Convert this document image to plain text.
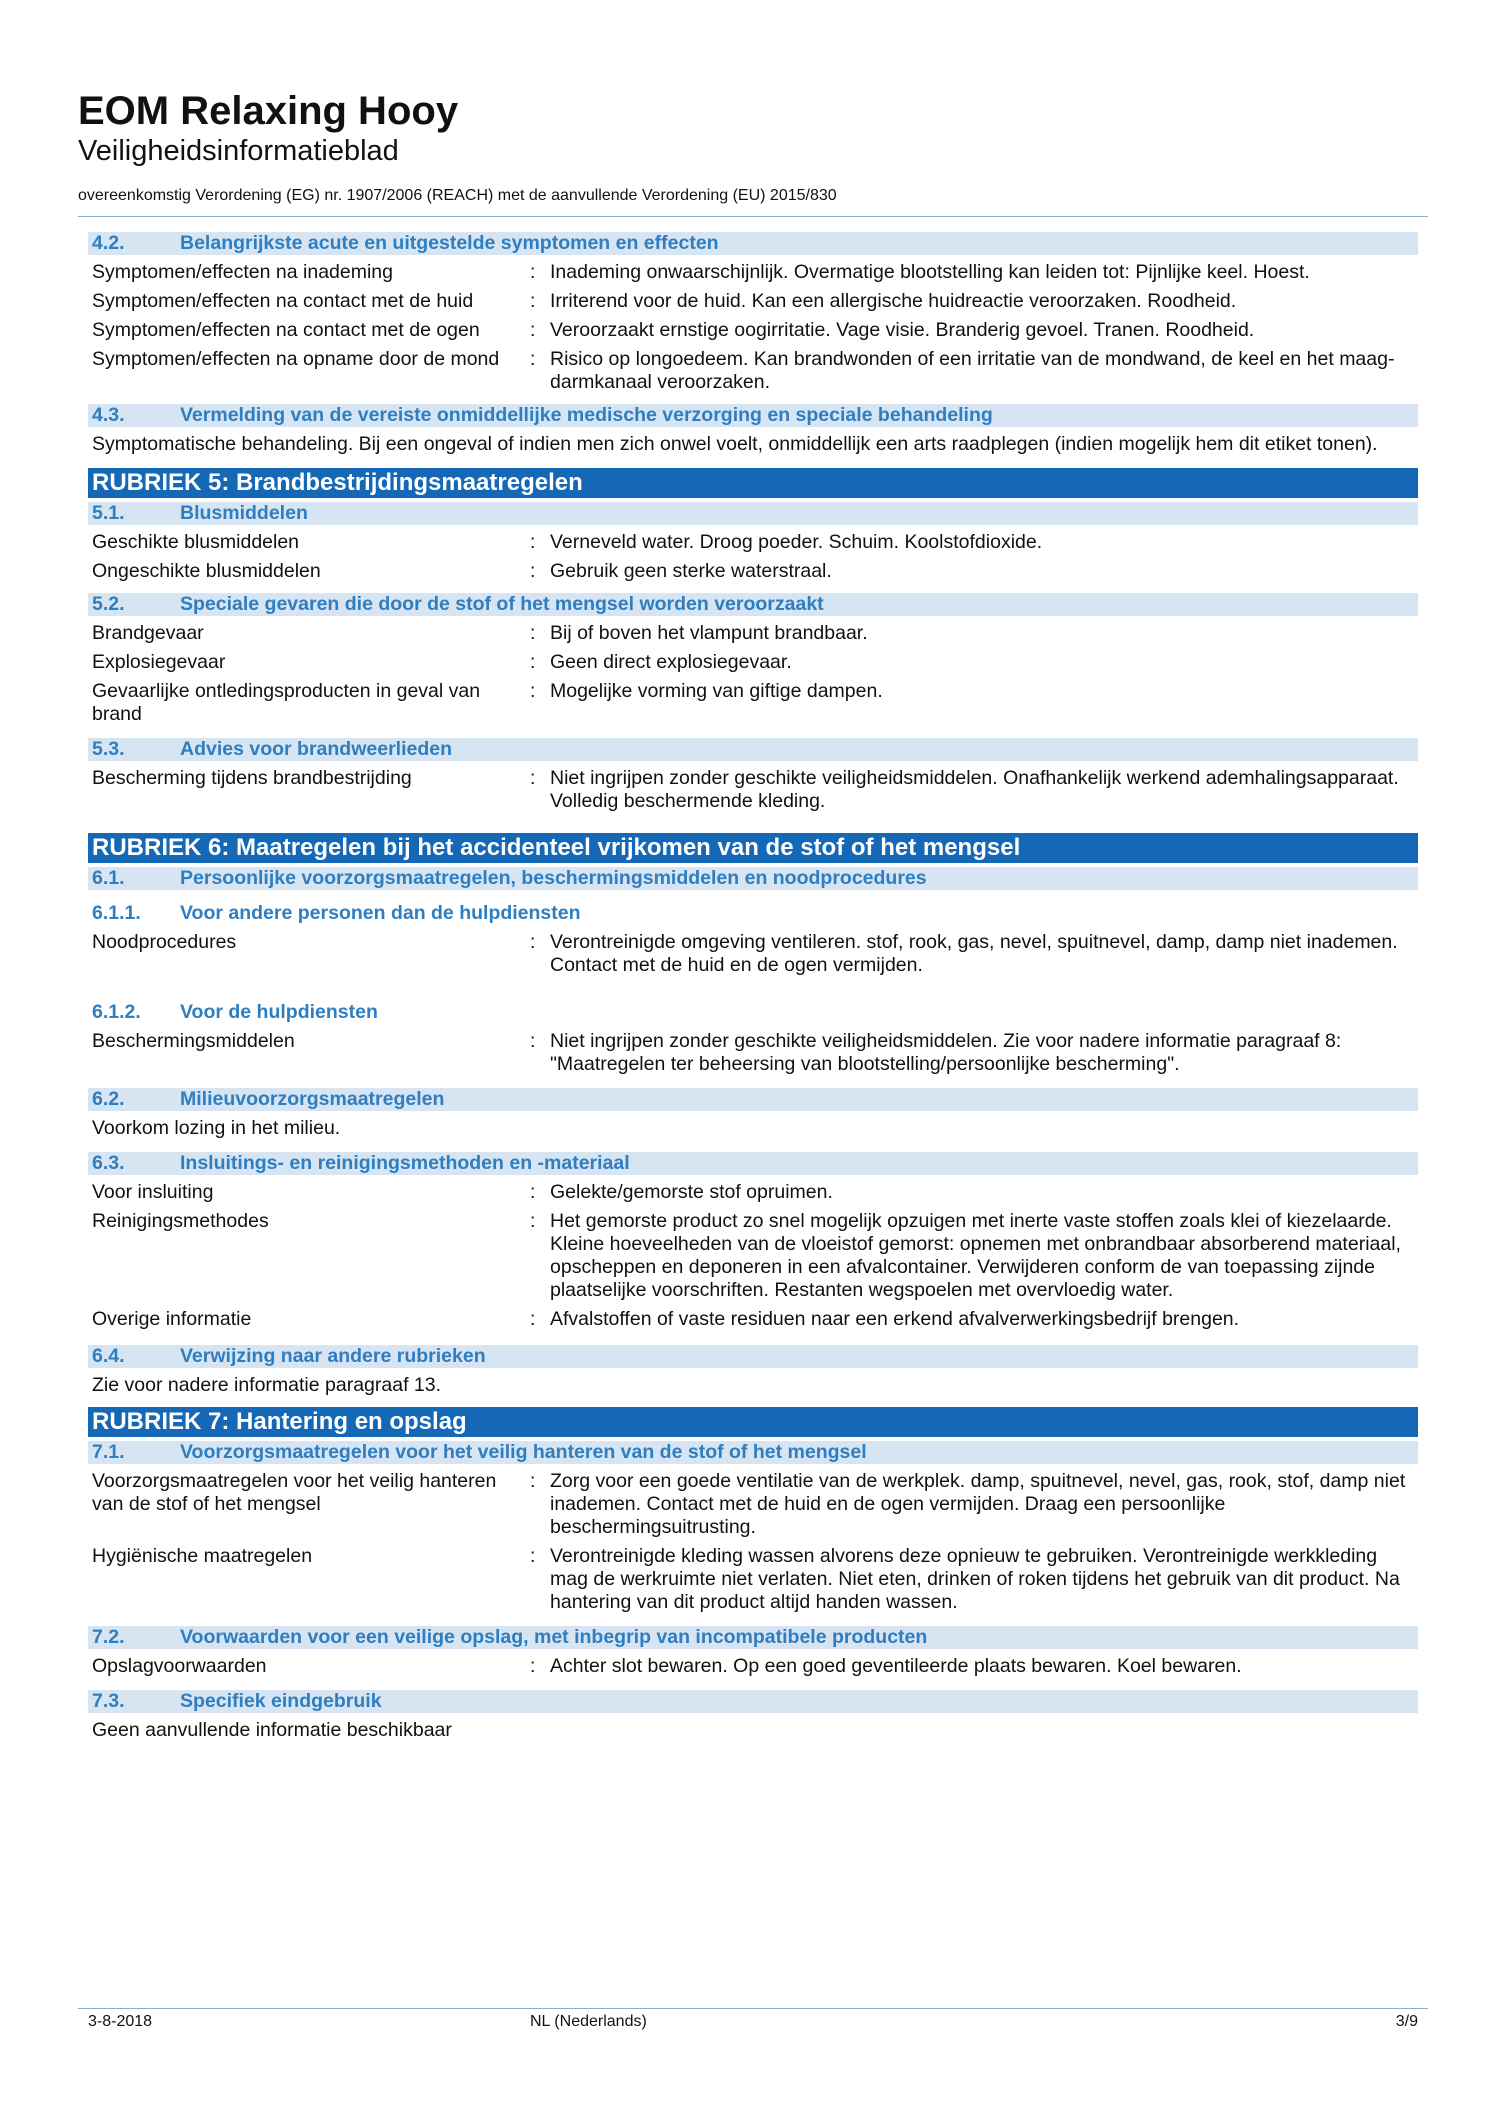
EOM Relaxing Hooy
Veiligheidsinformatieblad
overeenkomstig Verordening (EG) nr. 1907/2006 (REACH) met de aanvullende Verordening (EU) 2015/830
4.2.	Belangrijkste acute en uitgestelde symptomen en effecten
Symptomen/effecten na inademing	: Inademing onwaarschijnlijk. Overmatige blootstelling kan leiden tot: Pijnlijke keel. Hoest.
Symptomen/effecten na contact met de huid	: Irriterend voor de huid. Kan een allergische huidreactie veroorzaken. Roodheid.
Symptomen/effecten na contact met de ogen	: Veroorzaakt ernstige oogirritatie. Vage visie. Branderig gevoel. Tranen. Roodheid.
Symptomen/effecten na opname door de mond	: Risico op longoedeem. Kan brandwonden of een irritatie van de mondwand, de keel en het maag-darmkanaal veroorzaken.
4.3.	Vermelding van de vereiste onmiddellijke medische verzorging en speciale behandeling
Symptomatische behandeling. Bij een ongeval of indien men zich onwel voelt, onmiddellijk een arts raadplegen (indien mogelijk hem dit etiket tonen).
RUBRIEK 5: Brandbestrijdingsmaatregelen
5.1.	Blusmiddelen
Geschikte blusmiddelen	: Verneveld water. Droog poeder. Schuim. Koolstofdioxide.
Ongeschikte blusmiddelen	: Gebruik geen sterke waterstraal.
5.2.	Speciale gevaren die door de stof of het mengsel worden veroorzaakt
Brandgevaar	: Bij of boven het vlampunt brandbaar.
Explosiegevaar	: Geen direct explosiegevaar.
Gevaarlijke ontledingsproducten in geval van brand
: Mogelijke vorming van giftige dampen.
5.3.	Advies voor brandweerlieden
Bescherming tijdens brandbestrijding	: Niet ingrijpen zonder geschikte veiligheidsmiddelen. Onafhankelijk werkend ademhalingsapparaat. Volledig beschermende kleding.
RUBRIEK 6: Maatregelen bij het accidenteel vrijkomen van de stof of het mengsel
6.1.	Persoonlijke voorzorgsmaatregelen, beschermingsmiddelen en noodprocedures
6.1.1.	Voor andere personen dan de hulpdiensten
Noodprocedures	: Verontreinigde omgeving ventileren. stof, rook, gas, nevel, spuitnevel, damp, damp niet inademen. Contact met de huid en de ogen vermijden.
6.1.2.	Voor de hulpdiensten
Beschermingsmiddelen	: Niet ingrijpen zonder geschikte veiligheidsmiddelen. Zie voor nadere informatie paragraaf 8: "Maatregelen ter beheersing van blootstelling/persoonlijke bescherming".
6.2.	Milieuvoorzorgsmaatregelen
Voorkom lozing in het milieu.
6.3.	Insluitings- en reinigingsmethoden en -materiaal
Voor insluiting	: Gelekte/gemorste stof opruimen.
Reinigingsmethodes	: Het gemorste product zo snel mogelijk opzuigen met inerte vaste stoffen zoals klei of kiezelaarde. Kleine hoeveelheden van de vloeistof gemorst: opnemen met onbrandbaar absorberend materiaal, opscheppen en deponeren in een afvalcontainer. Verwijderen conform de van toepassing zijnde plaatselijke voorschriften. Restanten wegspoelen met overvloedig water.
Overige informatie	: Afvalstoffen of vaste residuen naar een erkend afvalverwerkingsbedrijf brengen.
6.4.	Verwijzing naar andere rubrieken
Zie voor nadere informatie paragraaf 13.
RUBRIEK 7: Hantering en opslag
7.1.	Voorzorgsmaatregelen voor het veilig hanteren van de stof of het mengsel
Voorzorgsmaatregelen voor het veilig hanteren van de stof of het mengsel
: Zorg voor een goede ventilatie van de werkplek. damp, spuitnevel, nevel, gas, rook, stof, damp niet inademen. Contact met de huid en de ogen vermijden. Draag een persoonlijke beschermingsuitrusting.
Hygiënische maatregelen	: Verontreinigde kleding wassen alvorens deze opnieuw te gebruiken. Verontreinigde werkkleding mag de werkruimte niet verlaten. Niet eten, drinken of roken tijdens het gebruik van dit product. Na hantering van dit product altijd handen wassen.
7.2.	Voorwaarden voor een veilige opslag, met inbegrip van incompatibele producten
Opslagvoorwaarden	: Achter slot bewaren. Op een goed geventileerde plaats bewaren. Koel bewaren.
7.3.	Specifiek eindgebruik
Geen aanvullende informatie beschikbaar
3-8-2018	NL (Nederlands)	3/9
